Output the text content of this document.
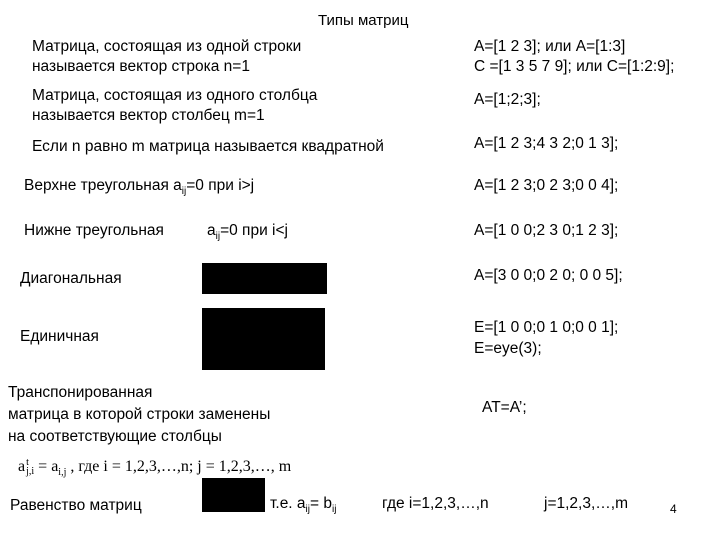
Типы матриц
Матрица, состоящая из одной строки
называется вектор строка n=1
A=[1 2 3]; или A=[1:3]
C =[1 3 5 7 9]; или C=[1:2:9];
Матрица, состоящая из одного столбца
называется вектор столбец m=1
A=[1;2;3];
Если n равно m матрица называется квадратной	A=[1 2 3;4 3 2;0 1 3];
Верхне треугольная $a_{ij}=0$ при i>j	A=[1 2 3;0 2 3;0 0 4];
Нижне треугольная	$a_{ij}=0$ при i<j	A=[1 0 0;2 3 0;1 2 3];
Диагональная	A=[3 0 0;0 2 0; 0 0 5];
Единичная
E=[1 0 0;0 1 0;0 0 1];
E=eye(3);
Транспонированная
матрица в которой строки заменены
на соответствующие столбцы
AT=A’;
a t
$j,i = a_{i,j}$ , где i = 1,2,3,…,n; j = 1,2,3,…, m
Равенство матриц	т.е. $a_{ij}= b_{ij}$	где i=1,2,3,…,n	j=1,2,3,…,m	4
